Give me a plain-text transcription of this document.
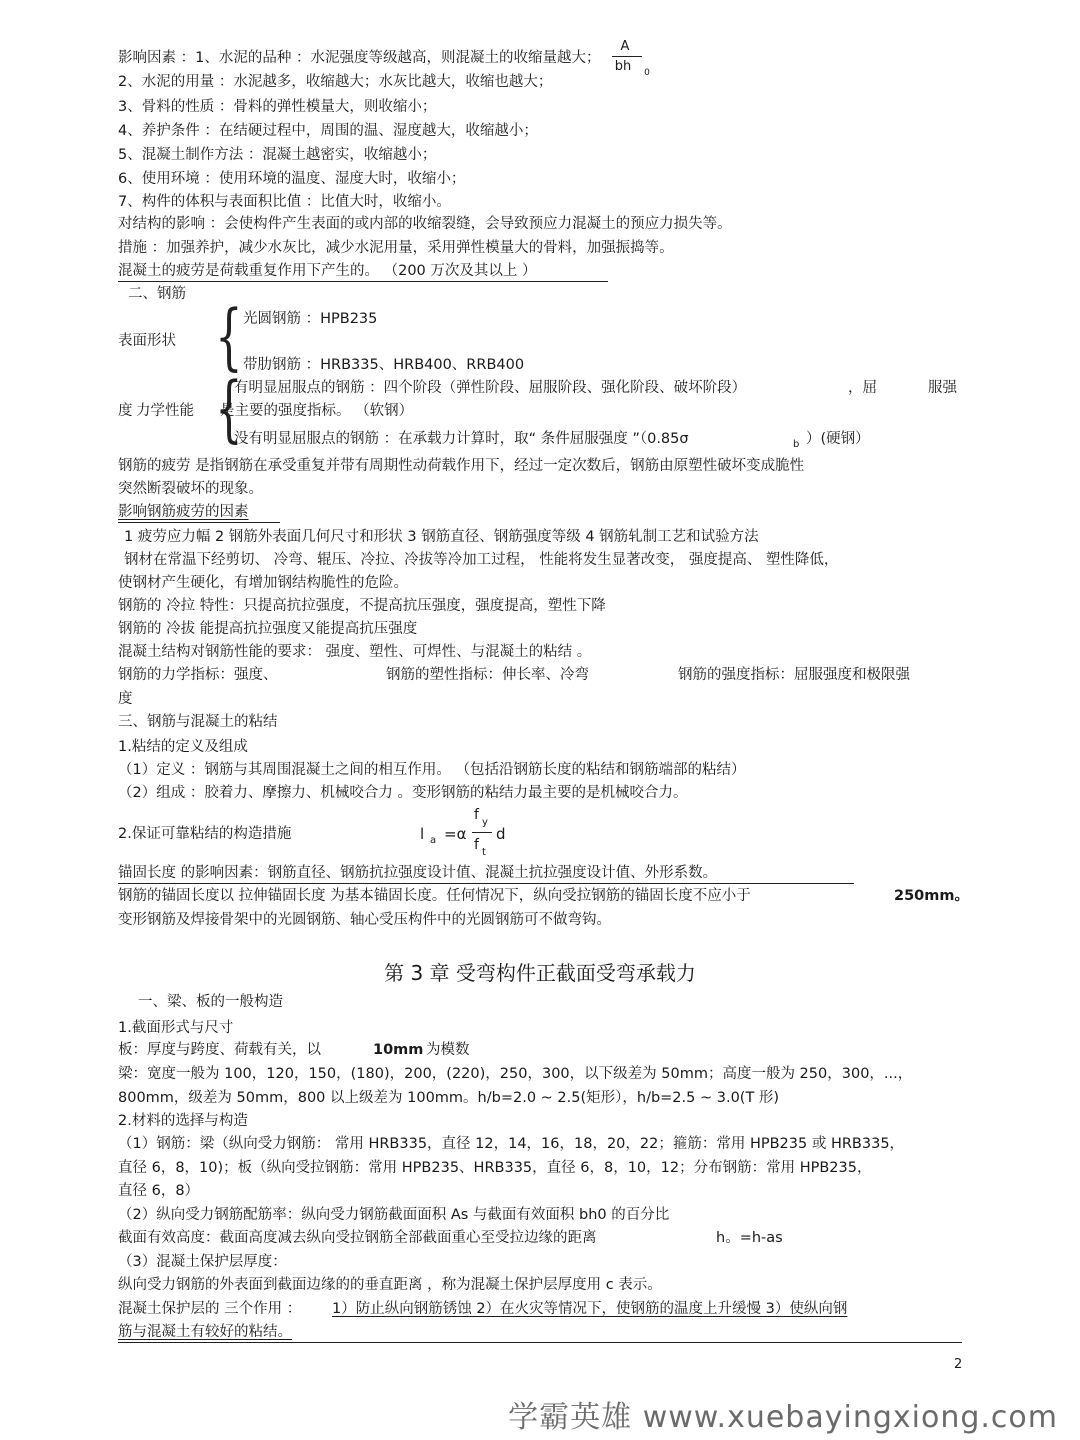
影响因素 ：1、水泥的品种 ：水泥强度等级越高，则混凝土的收缩量越大；
A
bh	0
2、水泥的用量 ：水泥越多，收缩越大；水灰比越大，收缩也越大；
3、骨料的性质 ：骨料的弹性模量大，则收缩小；
4、养护条件 ：在结硬过程中，周围的温、湿度越大，收缩越小；
5、混凝土制作方法 ：混凝土越密实，收缩越小；
6、使用环境 ：使用环境的温度、湿度大时，收缩小；
7、构件的体积与表面积比值 ：比值大时，收缩小。
对结构的影响 ：会使构件产生表面的或内部的收缩裂缝，会导致预应力混凝土的预应力损失等。
措施 ：加强养护，减少水灰比，减少水泥用量，采用弹性模量大的骨料，加强振捣等。
混凝土的疲劳是荷载重复作用下产生的。 （200 万次及其以上 ）
二、钢筋 { 光圆钢筋 ：HPB235
表面形状
带肋钢筋 ：HRB335、HRB400、RRB400
{
有明显屈服点的钢筋 ：四个阶段（弹性阶段、屈服阶段、强化阶段、破坏阶段）	，屈	服强
度 力学性能 是主要的强度指标。 （软钢）
没有明显屈服点的钢筋 ：在承载力计算时，取“ 条件屈服强度 ”（0.85σ	b ）(硬钢）
钢筋的疲劳 是指钢筋在承受重复并带有周期性动荷载作用下，经过一定次数后，钢筋由原塑性破坏变成脆性
突然断裂破坏的现象。
影响钢筋疲劳的因素
1 疲劳应力幅 2 钢筋外表面几何尺寸和形状 3 钢筋直径、钢筋强度等级 4 钢筋轧制工艺和试验方法
钢材在常温下经剪切、 冷弯、辊压、冷拉、冷拔等冷加工过程， 性能将发生显著改变， 强度提高、 塑性降低，
使钢材产生硬化，有增加钢结构脆性的危险。
钢筋的 冷拉 特性：只提高抗拉强度，不提高抗压强度，强度提高，塑性下降
钢筋的 冷拔 能提高抗拉强度又能提高抗压强度
混凝土结构对钢筋性能的要求： 强度、塑性、可焊性、与混凝土的粘结 。
钢筋的力学指标：强度、	钢筋的塑性指标：伸长率、冷弯	钢筋的强度指标：屈服强度和极限强
度
三、钢筋与混凝土的粘结
1.粘结的定义及组成
（1）定义 ：钢筋与其周围混凝土之间的相互作用。 （包括沿钢筋长度的粘结和钢筋端部的粘结）
（2）组成 ：胶着力、摩擦力、机械咬合力 。变形钢筋的粘结力最主要的是机械咬合力。
2.保证可靠粘结的构造措施	l a =α
f y
f t
d
锚固长度 的影响因素：钢筋直径、钢筋抗拉强度设计值、混凝土抗拉强度设计值、外形系数。
钢筋的锚固长度以 拉伸锚固长度 为基本锚固长度。任何情况下，纵向受拉钢筋的锚固长度不应小于	250mm。
变形钢筋及焊接骨架中的光圆钢筋、轴心受压构件中的光圆钢筋可不做弯钩。
第 3 章 受弯构件正截面受弯承载力
一、梁、板的一般构造
1.截面形式与尺寸
板：厚度与跨度、荷载有关，以	10mm 为模数
梁：宽度一般为 100，120，150，(180)，200，(220)，250，300，以下级差为 50mm；高度一般为 250，300，...，
800mm，级差为 50mm，800 以上级差为 100mm。h/b=2.0 ~ 2.5(矩形），h/b=2.5 ~ 3.0(T 形)
2.材料的选择与构造
（1）钢筋：梁（纵向受力钢筋： 常用 HRB335，直径 12，14，16，18，20，22；箍筋：常用 HPB235 或 HRB335，
直径 6，8，10)；板（纵向受拉钢筋：常用 HPB235、HRB335，直径 6，8，10，12；分布钢筋：常用 HPB235，
直径 6，8）
（2）纵向受力钢筋配筋率：纵向受力钢筋截面面积 As 与截面有效面积 bh0 的百分比
截面有效高度：截面高度减去纵向受拉钢筋全部截面重心至受拉边缘的距离	h。=h-as
（3）混凝土保护层厚度：
纵向受力钢筋的外表面到截面边缘的的垂直距离 ，称为混凝土保护层厚度用 c 表示。
混凝土保护层的 三个作用 ： 1）防止纵向钢筋锈蚀 2）在火灾等情况下，使钢筋的温度上升缓慢 3）使纵向钢
筋与混凝土有较好的粘结。
2
学霸英雄 www.xuebayingxiong.com
